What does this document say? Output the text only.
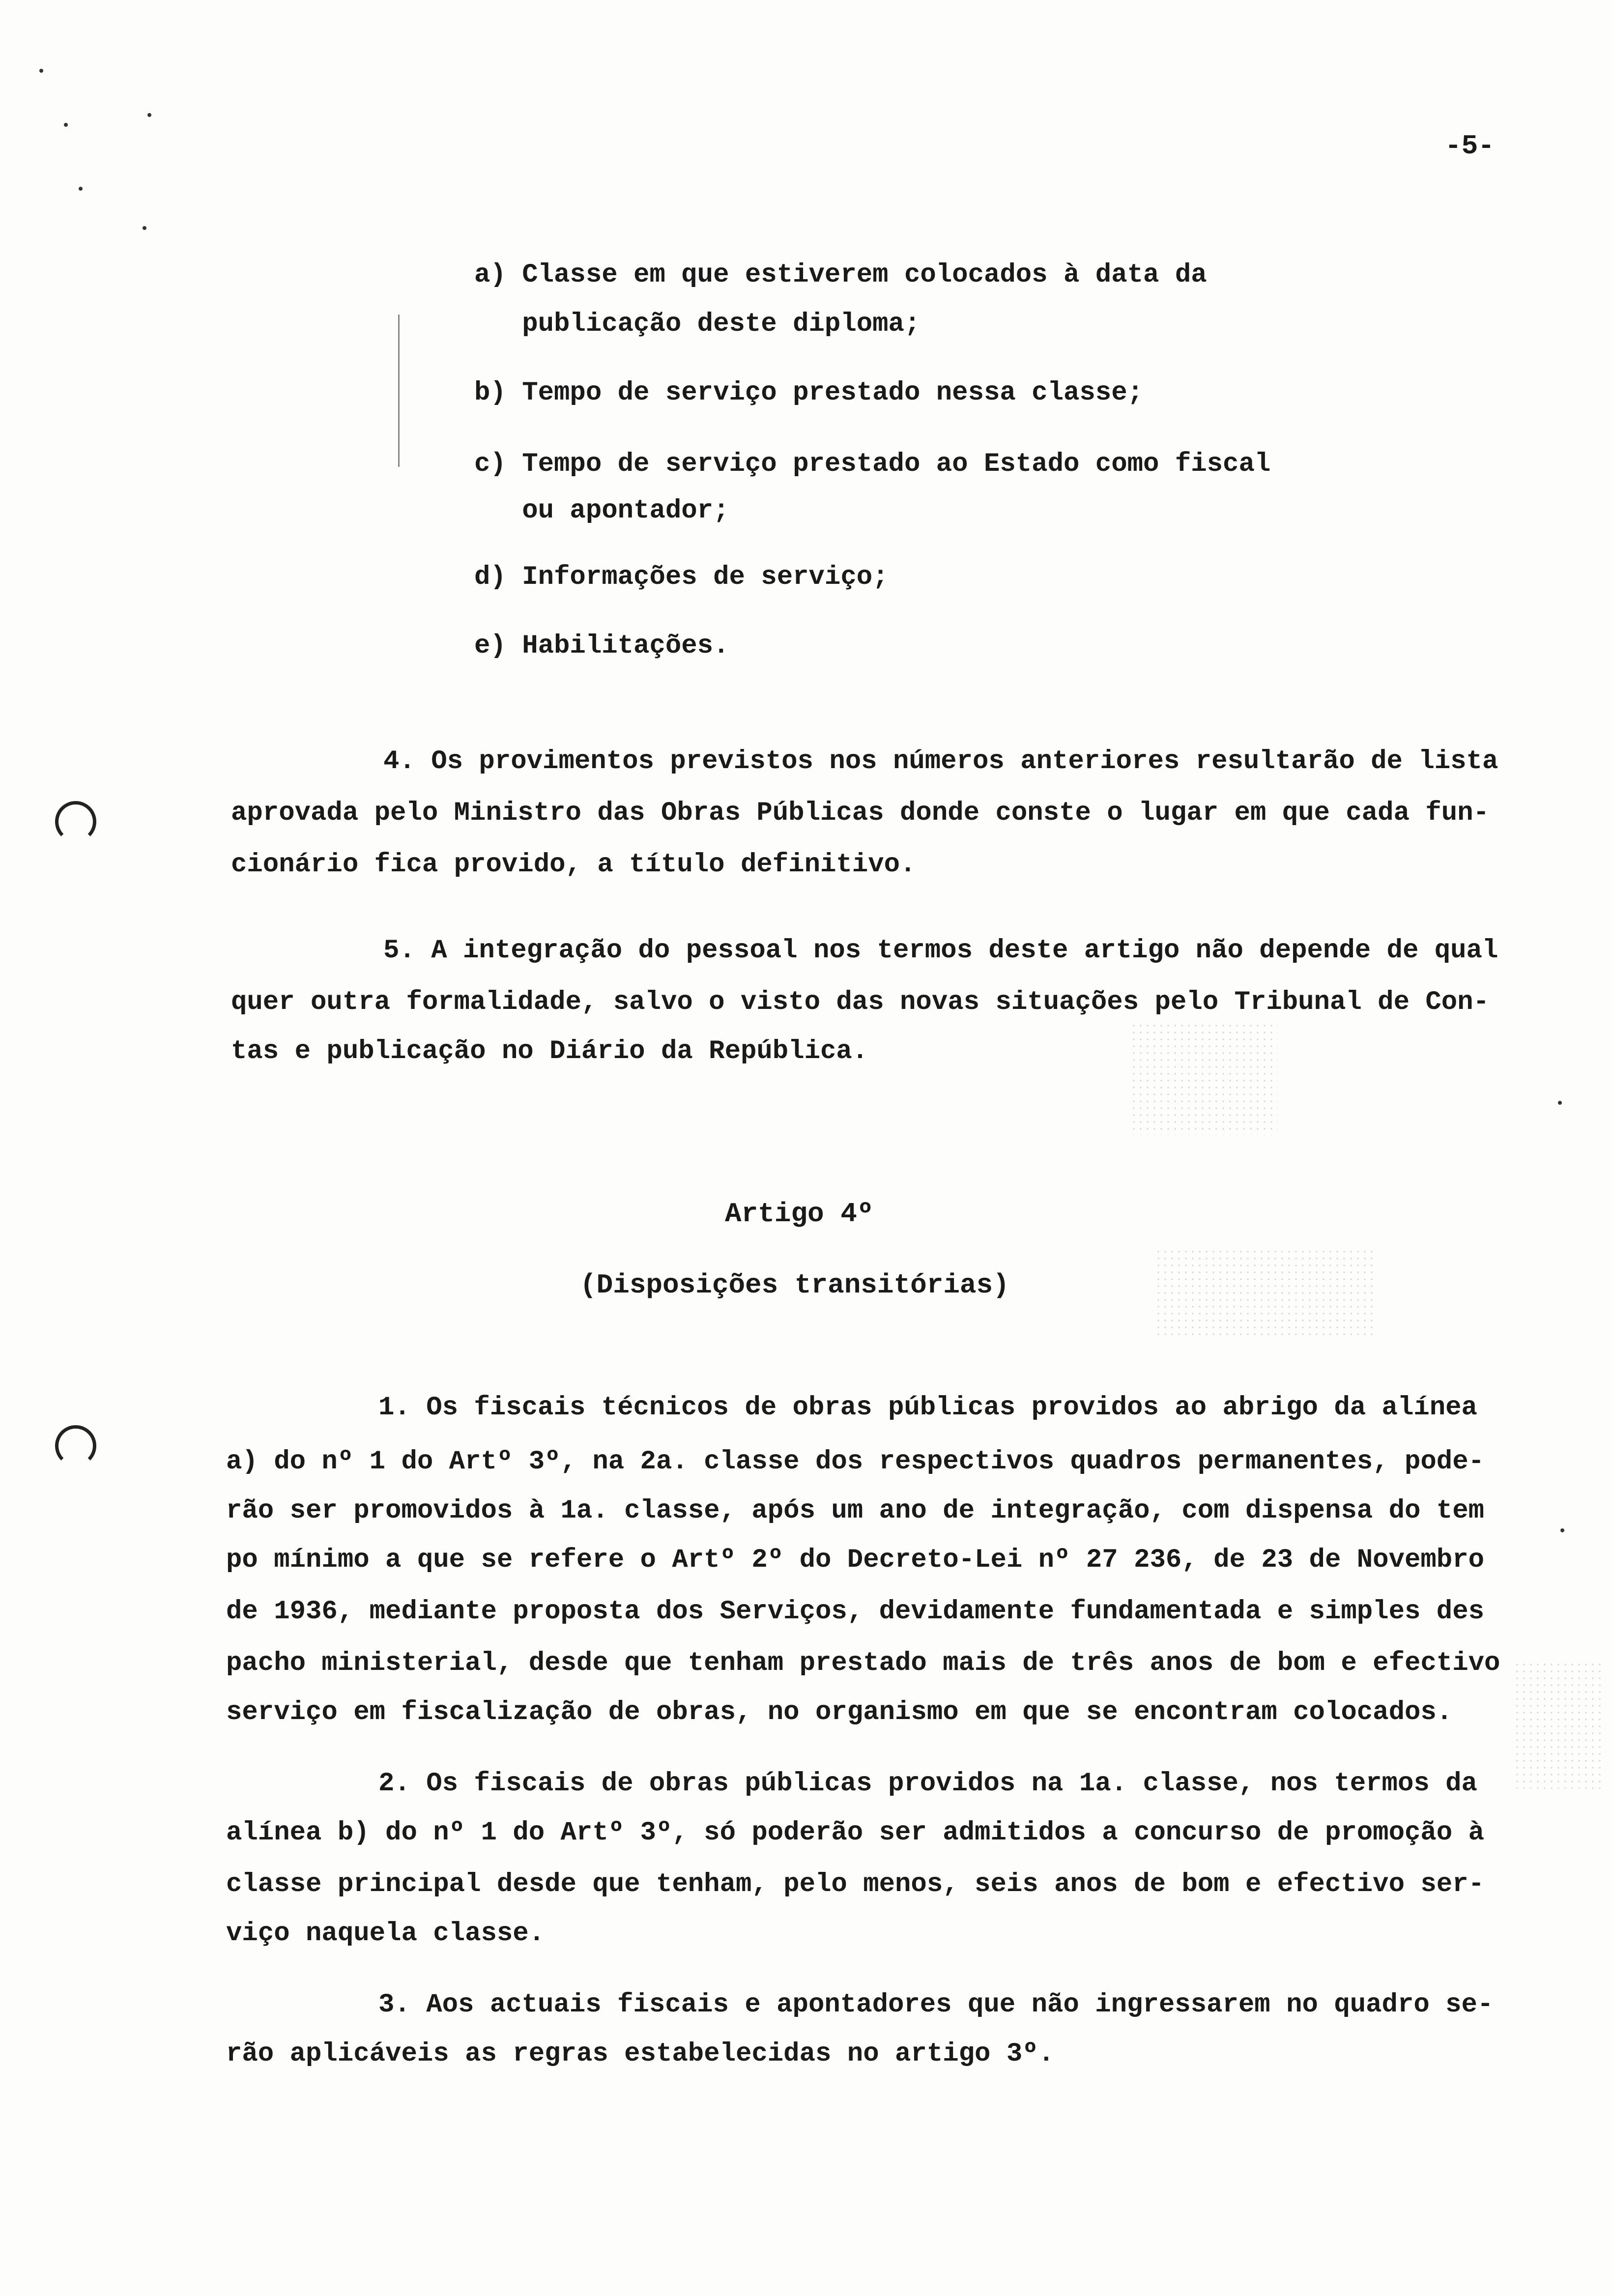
-5-
a) Classe em que estiverem colocados à data da
publicação deste diploma;
b) Tempo de serviço prestado nessa classe;
c) Tempo de serviço prestado ao Estado como fiscal
ou apontador;
d) Informações de serviço;
e) Habilitações.
4. Os provimentos previstos nos números anteriores resultarão de lista
aprovada pelo Ministro das Obras Públicas donde conste o lugar em que cada fun-
cionário fica provido, a título definitivo.
5. A integração do pessoal nos termos deste artigo não depende de qual
quer outra formalidade, salvo o visto das novas situações pelo Tribunal de Con-
tas e publicação no Diário da República.
Artigo 4º
(Disposições transitórias)
1. Os fiscais técnicos de obras públicas providos ao abrigo da alínea
a) do nº 1 do Artº 3º, na 2a. classe dos respectivos quadros permanentes, pode-
rão ser promovidos à 1a. classe, após um ano de integração, com dispensa do tem
po mínimo a que se refere o Artº 2º do Decreto-Lei nº 27 236, de 23 de Novembro
de 1936, mediante proposta dos Serviços, devidamente fundamentada e simples des
pacho ministerial, desde que tenham prestado mais de três anos de bom e efectivo
serviço em fiscalização de obras, no organismo em que se encontram colocados.
2. Os fiscais de obras públicas providos na 1a. classe, nos termos da
alínea b) do nº 1 do Artº 3º, só poderão ser admitidos a concurso de promoção à
classe principal desde que tenham, pelo menos, seis anos de bom e efectivo ser-
viço naquela classe.
3. Aos actuais fiscais e apontadores que não ingressarem no quadro se-
rão aplicáveis as regras estabelecidas no artigo 3º.
